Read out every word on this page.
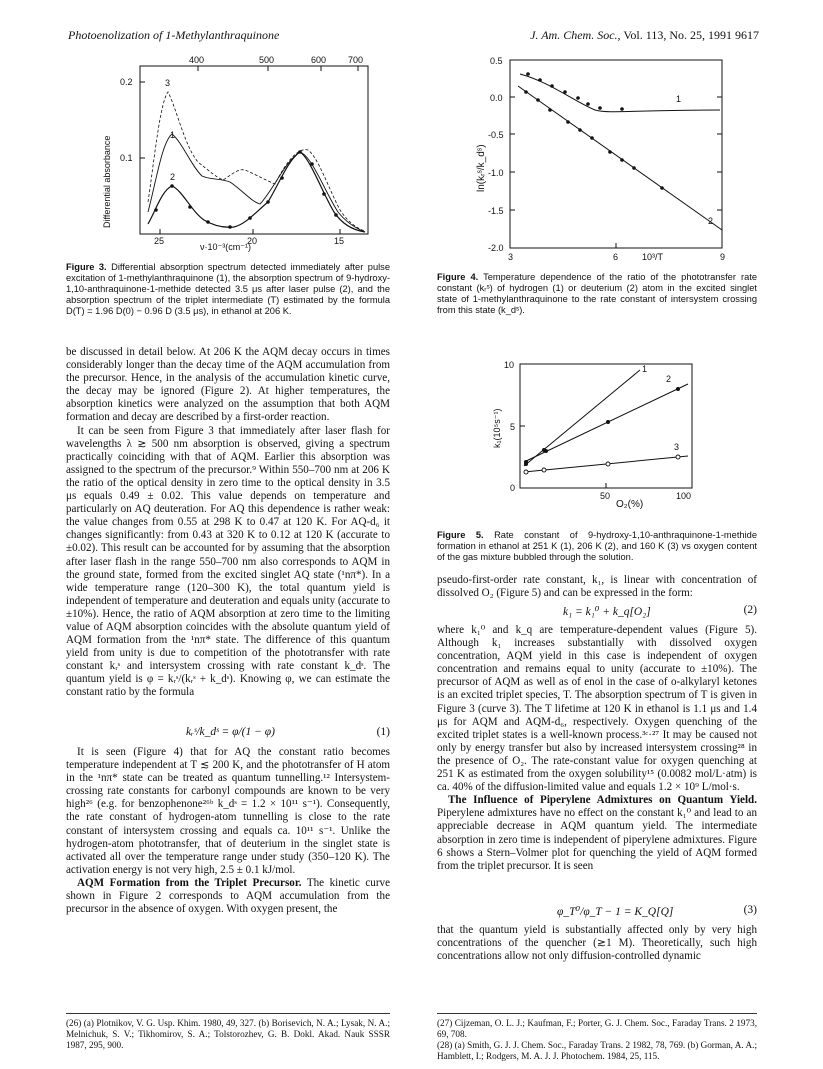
Photoenolization of 1-Methylanthraquinone	J. Am. Chem. Soc., Vol. 113, No. 25, 1991 9617
400	500	600 700
0.2
0.1
25	20	15
ν·10⁻³(cm⁻¹)
Differential absorbance
3
1
2
Figure 3. Differential absorption spectrum detected immediately after pulse excitation of 1-methylanthraquinone (1), the absorption spectrum of 9-hydroxy-1,10-anthraquinone-1-methide detected 3.5 μs after laser pulse (2), and the absorption spectrum of the triplet intermediate (T) estimated by the formula D(T) = 1.96 D(0) − 0.96 D (3.5 μs), in ethanol at 206 K.

be discussed in detail below. At 206 K the AQM decay occurs in times considerably longer than the decay time of the AQM accumulation from the precursor. Hence, in the analysis of the accumulation kinetic curve, the decay may be ignored (Figure 2). At higher temperatures, the absorption kinetics were analyzed on the assumption that both AQM formation and decay are described by a first-order reaction.

It can be seen from Figure 3 that immediately after laser flash for wavelengths λ ≳ 500 nm absorption is observed, giving a spectrum practically coinciding with that of AQM. Earlier this absorption was assigned to the spectrum of the precursor.⁹ Within 550–700 nm at 206 K the ratio of the optical density in zero time to the optical density in 3.5 μs equals 0.49 ± 0.02. This value depends on temperature and particularly on AQ deuteration. For AQ this dependence is rather weak: the value changes from 0.55 at 298 K to 0.47 at 120 K. For AQ-d₆ it changes significantly: from 0.43 at 320 K to 0.12 at 120 K (accurate to ±0.02). This result can be accounted for by assuming that the absorption after laser flash in the range 550–700 nm also corresponds to AQM in the ground state, formed from the excited singlet AQ state (¹nπ*). In a wide temperature range (120–300 K), the total quantum yield is independent of temperature and deuteration and equals unity (accurate to ±10%). Hence, the ratio of AQM absorption at zero time to the limiting value of AQM absorption coincides with the absolute quantum yield of AQM formation from the ¹nπ* state. The difference of this quantum yield from unity is due to competition of the phototransfer with rate constant kᵣˢ and intersystem crossing with rate constant k_dˢ. The quantum yield is φ = kᵣˢ/(kᵣˢ + k_dˢ). Knowing φ, we can estimate the constant ratio by the formula

kᵣˢ/k_dˢ = φ/(1 − φ)	(1)

It is seen (Figure 4) that for AQ the constant ratio becomes temperature independent at T ≲ 200 K, and the phototransfer of H atom in the ¹nπ* state can be treated as quantum tunnelling.¹² Intersystem-crossing rate constants for carbonyl compounds are known to be very high²⁶ (e.g. for benzophenone²⁶ᵇ k_dˢ = 1.2 × 10¹¹ s⁻¹). Consequently, the rate constant of hydrogen-atom tunnelling is close to the rate constant of intersystem crossing and equals ca. 10¹¹ s⁻¹. Unlike the hydrogen-atom phototransfer, that of deuterium in the singlet state is activated all over the temperature range under study (350–120 K). The activation energy is not very high, 2.5 ± 0.1 kJ/mol.

AQM Formation from the Triplet Precursor. The kinetic curve shown in Figure 2 corresponds to AQM accumulation from the precursor in the absence of oxygen. With oxygen present, the

0.5
0.0
-0.5
-1.0
-1.5
-2.0
3	6	9
10³/T
ln(kᵣˢ/k_dˢ)
1
2
Figure 4. Temperature dependence of the ratio of the phototransfer rate constant (kᵣˢ) of hydrogen (1) or deuterium (2) atom in the excited singlet state of 1-methylanthraquinone to the rate constant of intersystem crossing from this state (k_dˢ).
10
5
0
50	100
O₂(%)
k₁(10⁵s⁻¹)
1
2
3
Figure 5. Rate constant of 9-hydroxy-1,10-anthraquinone-1-methide formation in ethanol at 251 K (1), 206 K (2), and 160 K (3) vs oxygen content of the gas mixture bubbled through the solution.

pseudo-first-order rate constant, k₁, is linear with concentration of dissolved O₂ (Figure 5) and can be expressed in the form:

k₁ = k₁⁰ + k_q[O₂]	(2)

where k₁⁰ and k_q are temperature-dependent values (Figure 5). Although k₁ increases substantially with dissolved oxygen concentration, AQM yield in this case is independent of oxygen concentration and remains equal to unity (accurate to ±10%). The precursor of AQM as well as of enol in the case of o-alkylaryl ketones is an excited triplet species, T. The absorption spectrum of T is given in Figure 3 (curve 3). The T lifetime at 120 K in ethanol is 1.1 μs and 1.4 μs for AQM and AQM-d₆, respectively. Oxygen quenching of the excited triplet states is a well-known process.³ᶜ·²⁷ It may be caused not only by energy transfer but also by increased intersystem crossing²⁸ in the presence of O₂. The rate-constant value for oxygen quenching at 251 K as estimated from the oxygen solubility¹⁵ (0.0082 mol/L·atm) is ca. 40% of the diffusion-limited value and equals 1.2 × 10⁹ L/mol·s.

The Influence of Piperylene Admixtures on Quantum Yield. Piperylene admixtures have no effect on the constant k₁⁰ and lead to an appreciable decrease in AQM quantum yield. The intermediate absorption in zero time is independent of piperylene admixtures. Figure 6 shows a Stern–Volmer plot for quenching the yield of AQM formed from the triplet precursor. It is seen

φ_T⁰/φ_T − 1 = K_Q[Q]	(3)

that the quantum yield is substantially affected only by very high concentrations of the quencher (≳1 M). Theoretically, such high concentrations allow not only diffusion-controlled dynamic

(26) (a) Plotnikov, V. G. Usp. Khim. 1980, 49, 327. (b) Borisevich, N. A.; Lysak, N. A.; Melnichuk, S. V.; Tikhomirov, S. A.; Tolstorozhev, G. B. Dokl. Akad. Nauk SSSR 1987, 295, 900.
(27) Cijzeman, O. L. J.; Kaufman, F.; Porter, G. J. Chem. Soc., Faraday Trans. 2 1973, 69, 708.
(28) (a) Smith, G. J. J. Chem. Soc., Faraday Trans. 2 1982, 78, 769. (b) Gorman, A. A.; Hamblett, I.; Rodgers, M. A. J. J. Photochem. 1984, 25, 115.
